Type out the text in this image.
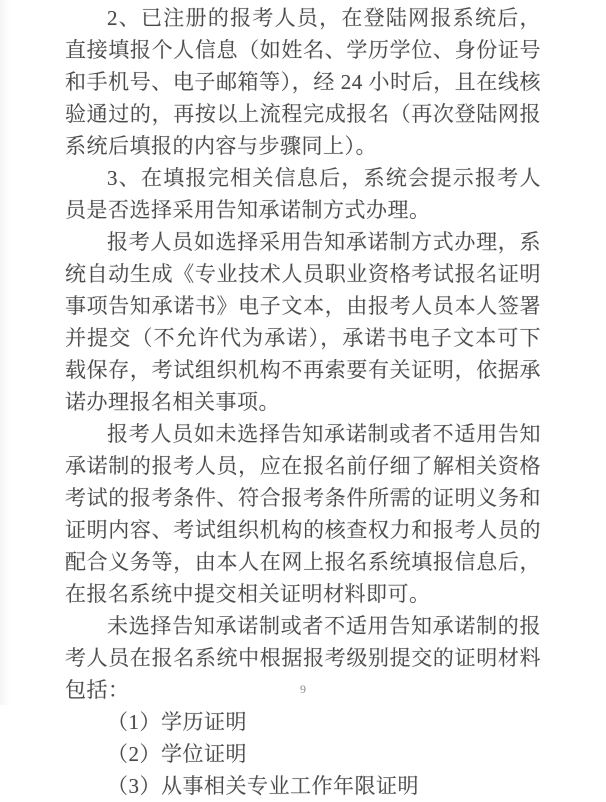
2、已注册的报考人员，在登陆网报系统后，直接填报个人信息（如姓名、学历学位、身份证号和手机号、电子邮箱等），经 24 小时后，且在线核验通过的，再按以上流程完成报名（再次登陆网报系统后填报的内容与步骤同上）。

3、在填报完相关信息后，系统会提示报考人员是否选择采用告知承诺制方式办理。

报考人员如选择采用告知承诺制方式办理，系统自动生成《专业技术人员职业资格考试报名证明事项告知承诺书》电子文本，由报考人员本人签署并提交（不允许代为承诺），承诺书电子文本可下载保存，考试组织机构不再索要有关证明，依据承诺办理报名相关事项。

报考人员如未选择告知承诺制或者不适用告知承诺制的报考人员，应在报名前仔细了解相关资格考试的报考条件、符合报考条件所需的证明义务和证明内容、考试组织机构的核查权力和报考人员的配合义务等，由本人在网上报名系统填报信息后，在报名系统中提交相关证明材料即可。

未选择告知承诺制或者不适用告知承诺制的报考人员在报名系统中根据报考级别提交的证明材料包括：

（1）学历证明

（2）学位证明

（3）从事相关专业工作年限证明

9
